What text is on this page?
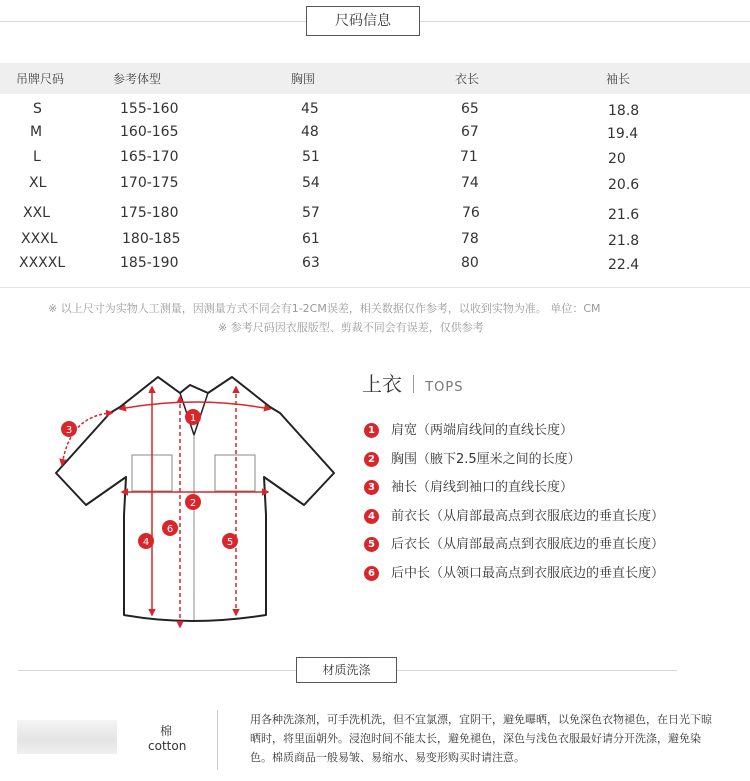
尺码信息
吊牌尺码	参考体型	胸围	衣长	袖长
S	155-160	45	65	18.8
M	160-165	48	67	19.4
L	165-170	51	71	20
XL	170-175	54	74	20.6
XXL	175-180	57	76	21.6
XXXL	180-185	61	78	21.8
XXXXL	185-190	63	80	22.4
※ 以上尺寸为实物人工测量，因测量方式不同会有1-2CM误差，相关数据仅作参考，以收到实物为准。 单位：CM
※ 参考尺码因衣服版型、剪裁不同会有误差，仅供参考
1
2
3
4	5
6
上衣 TOPS
1 肩宽（两端肩线间的直线长度）
2 胸围（腋下2.5厘米之间的长度）
3 袖长（肩线到袖口的直线长度）
4 前衣长（从肩部最高点到衣服底边的垂直长度）
5 后衣长（从肩部最高点到衣服底边的垂直长度）
6 后中长（从领口最高点到衣服底边的垂直长度）
材质洗涤
棉
cotton
用各种洗涤剂，可手洗机洗，但不宜氯漂，宜阴干，避免曝晒，以免深色衣物褪色，在日光下晾晒时，将里面朝外。浸泡时间不能太长，避免褪色，深色与浅色衣服最好请分开洗涤，避免染色。棉质商品一般易皱、易缩水、易变形购买时请注意。
